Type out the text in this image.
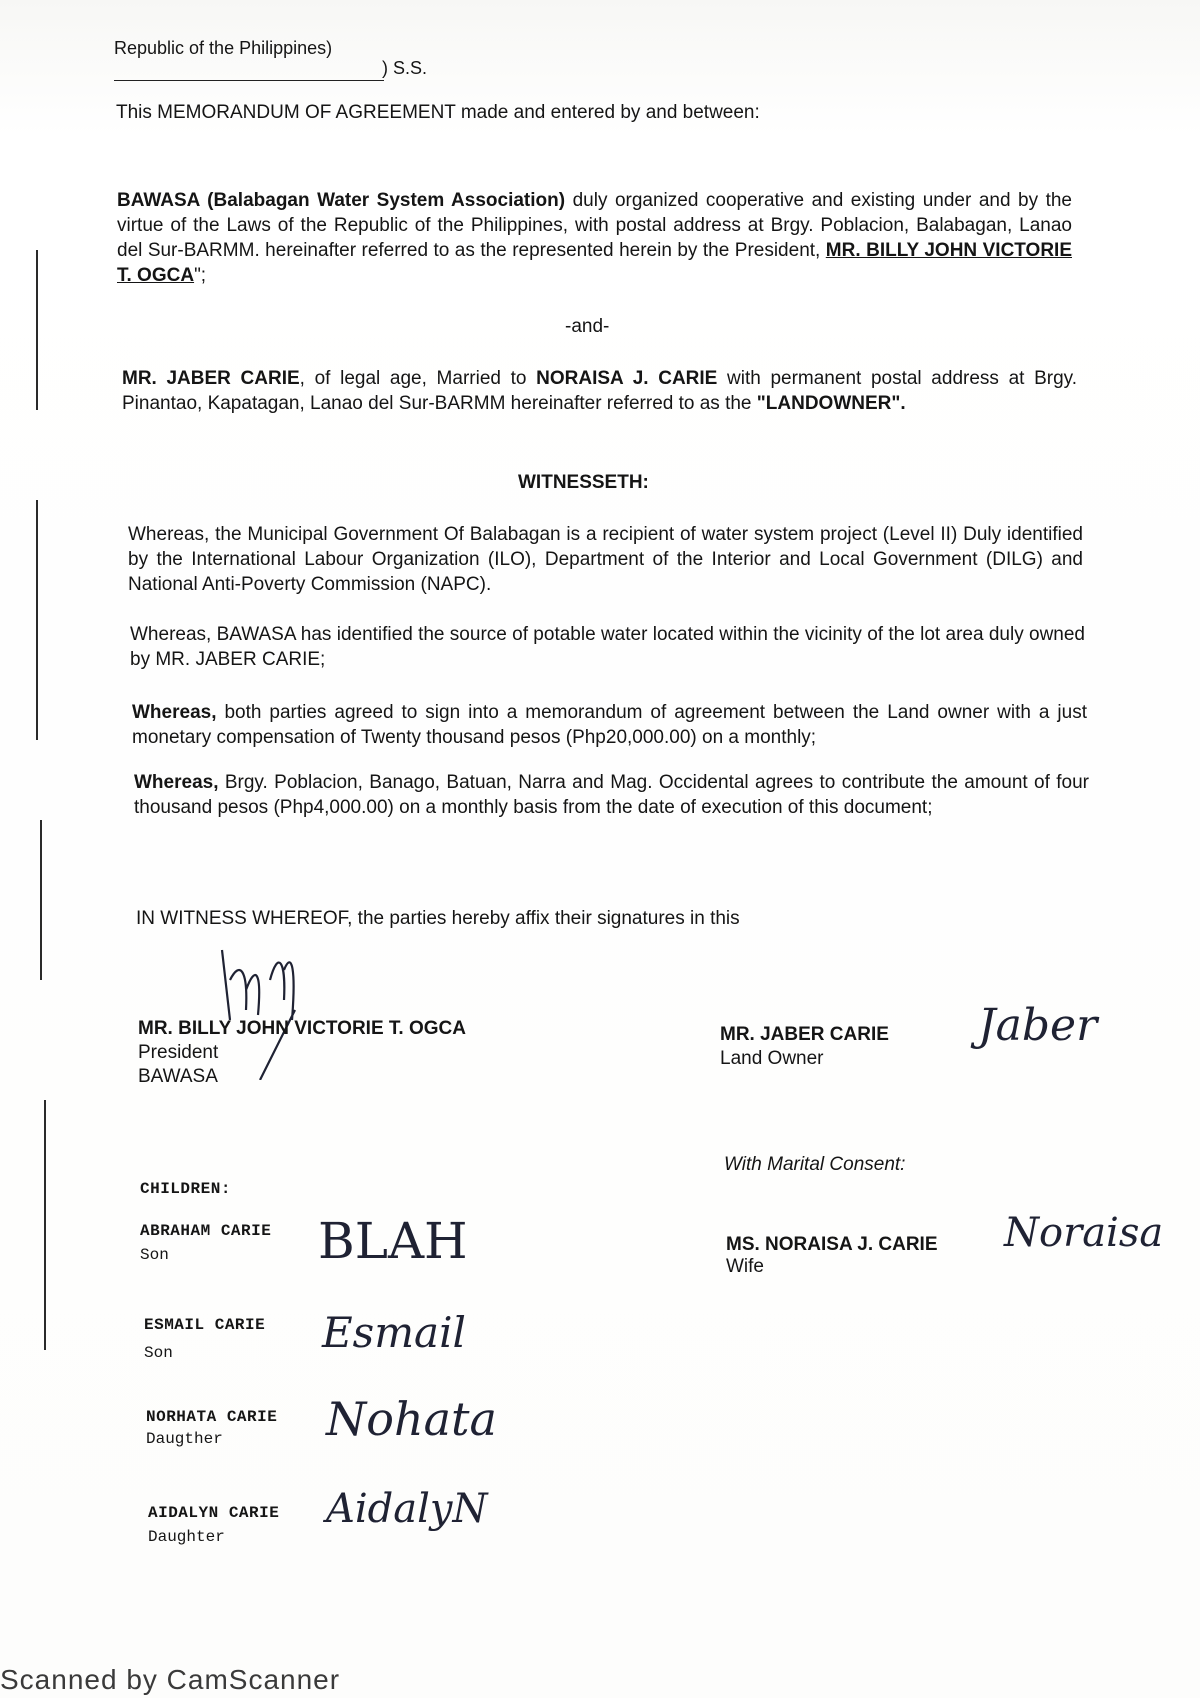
Republic of the Philippines)
) S.S.
This MEMORANDUM OF AGREEMENT made and entered by and between:
BAWASA (Balabagan Water System Association) duly organized cooperative and existing under and by the virtue of the Laws of the Republic of the Philippines, with postal address at Brgy. Poblacion, Balabagan, Lanao del Sur-BARMM. hereinafter referred to as the represented herein by the President, MR. BILLY JOHN VICTORIE T. OGCA";
-and-
MR. JABER CARIE, of legal age, Married to NORAISA J. CARIE with permanent postal address at Brgy. Pinantao, Kapatagan, Lanao del Sur-BARMM hereinafter referred to as the "LANDOWNER".
WITNESSETH:
Whereas, the Municipal Government Of Balabagan is a recipient of water system project (Level II) Duly identified by the International Labour Organization (ILO), Department of the Interior and Local Government (DILG) and National Anti-Poverty Commission (NAPC).
Whereas, BAWASA has identified the source of potable water located within the vicinity of the lot area duly owned by MR. JABER CARIE;
Whereas, both parties agreed to sign into a memorandum of agreement between the Land owner with a just monetary compensation of Twenty thousand pesos (Php20,000.00) on a monthly;
Whereas, Brgy. Poblacion, Banago, Batuan, Narra and Mag. Occidental agrees to contribute the amount of four thousand pesos (Php4,000.00) on a monthly basis from the date of execution of this document;
IN WITNESS WHEREOF, the parties hereby affix their signatures in this
MR. BILLY JOHN VICTORIE T. OGCA
President
BAWASA
MR. JABER CARIE
Land Owner
Jaber
With Marital Consent:
MS. NORAISA J. CARIE
Wife
Noraisa
CHILDREN:
ABRAHAM CARIE
Son	BLAH
ESMAIL CARIE
Son	Esmail
NORHATA CARIE
Daugther Nohata
AIDALYN CARIE
Daughter
AidalyN
Scanned by CamScanner
